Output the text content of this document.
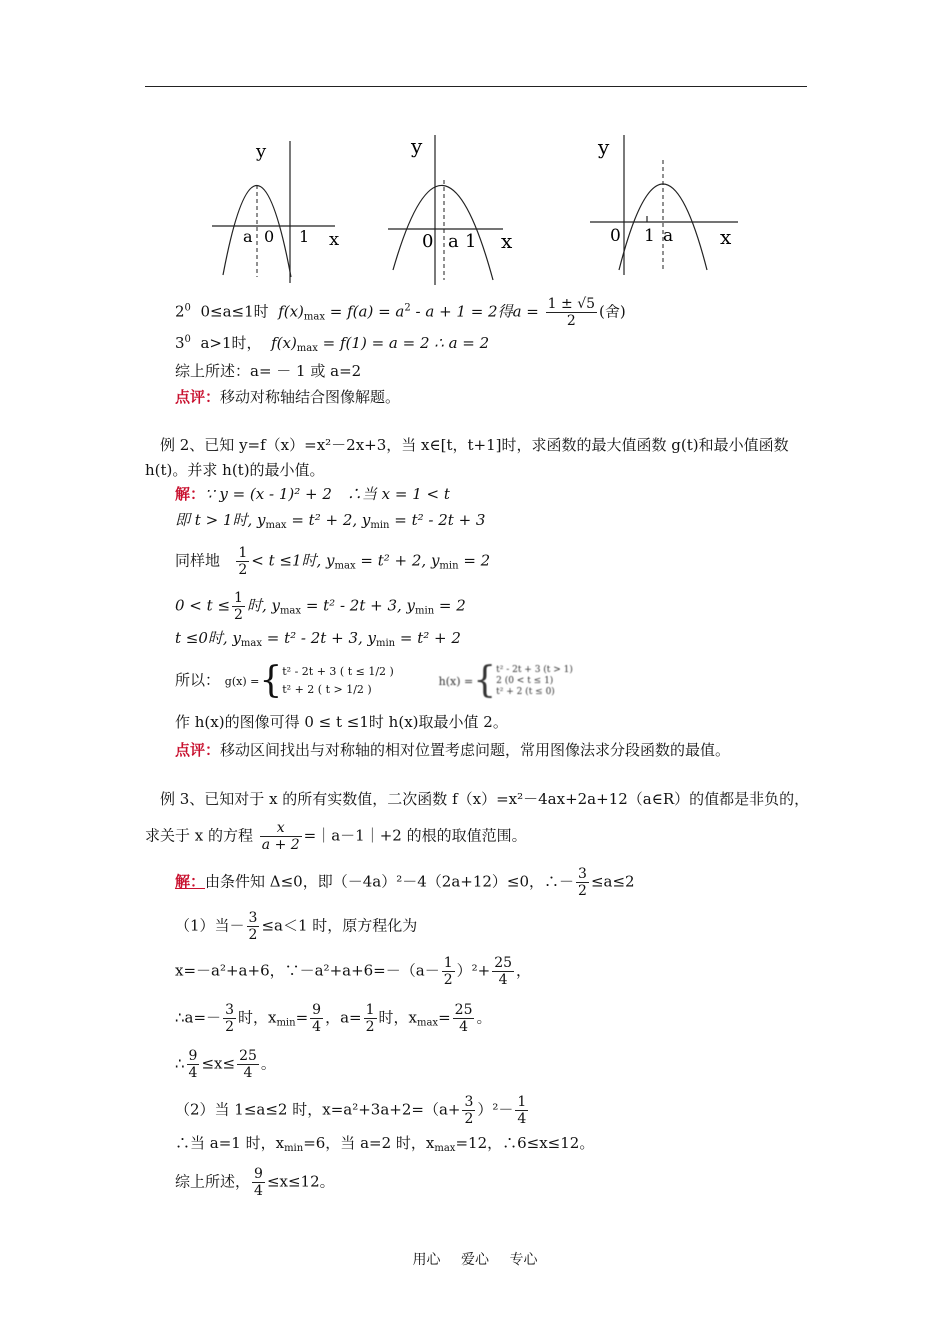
y
x
a 0 1
y
x
0 a 1
y
x
0 1 a
$2^0$ 0≤a≤1时 $f(x)_{max} = f(a) = a^2 - a + 1 = 2$得$a = \frac{1 \pm √5}{2}$ (舍)
$3^0$ a>1时， $f(x)_{max} = f(1) = a = 2$ ∴ a = 2
综上所述：a= － 1 或 a=2
点评：移动对称轴结合图像解题。
例 2、已知 y=f（x）=x²－2x+3，当 x∈[t，t+1]时，求函数的最大值函数 g(t)和最小值函数
h(t)。并求 h(t)的最小值。
解：∵ y = (x - 1)² + 2　∴当 x = 1 < t
即 t > 1时, $y_{max} = t^2 + 2$, $y_{min} = t^2 - 2t + 3$
同样地 $\frac{1}{2} < t \le 1$时, $y_{max} = t^2 + 2$, $y_{min} = 2$
$0 < t \le \frac{1}{2}$ 时, $y_{max} = t^2 - 2t + 3$, $y_{min} = 2$
t ≤0时, $y_{max} = t^2 - 2t + 3$, $y_{min} = t^2 + 2$
所以： g(x) ={ t² - 2t + 3 ( t ≤ 1/2 )
t² + 2 ( t > 1/2 )
h(x) ={ t² - 2t + 3 (t > 1)
2 (0 < t ≤ 1)
t² + 2 (t ≤ 0)
作 h(x)的图像可得 0 ≤ t ≤1时 h(x)取最小值 2。
点评：移动区间找出与对称轴的相对位置考虑问题，常用图像法求分段函数的最值。
例 3、已知对于 x 的所有实数值，二次函数 f（x）=x²－4ax+2a+12（a∈R）的值都是非负的，
求关于 x 的方程 $\frac{x}{a + 2}$ =｜a－1｜+2 的根的取值范围。
解：由条件知 Δ≤0，即（－4a）²－4（2a+12）≤0，∴－ $\frac{3}{2} \le a\le 2$
（1）当－ $\frac{3}{2} \le a<1$ 时，原方程化为
x=－a²+a+6，∵－a²+a+6=－（a－ $\frac{1}{2} )^2+ \frac{25}{4}$ ，
∴a=－ $\frac{3}{2}$ 时，$x_{min}= \frac{9}{4}$ ，$a= \frac{1}{2}$ 时，$x_{max}= \frac{25}{4}$ 。
∴ $\frac{9}{4} \le x\le \frac{25}{4}$ 。
（2）当 1≤a≤2 时，$x=a^2+3a+2=(a+ \frac{3}{2} )^2- \frac{1}{4}$
∴当 a=1 时，$x_{min}=6$，当 a=2 时，$x_{max}=12$，∴6≤x≤12。
综上所述， $\frac{9}{4} \le x\le 12$。
用心 爱心 专心
